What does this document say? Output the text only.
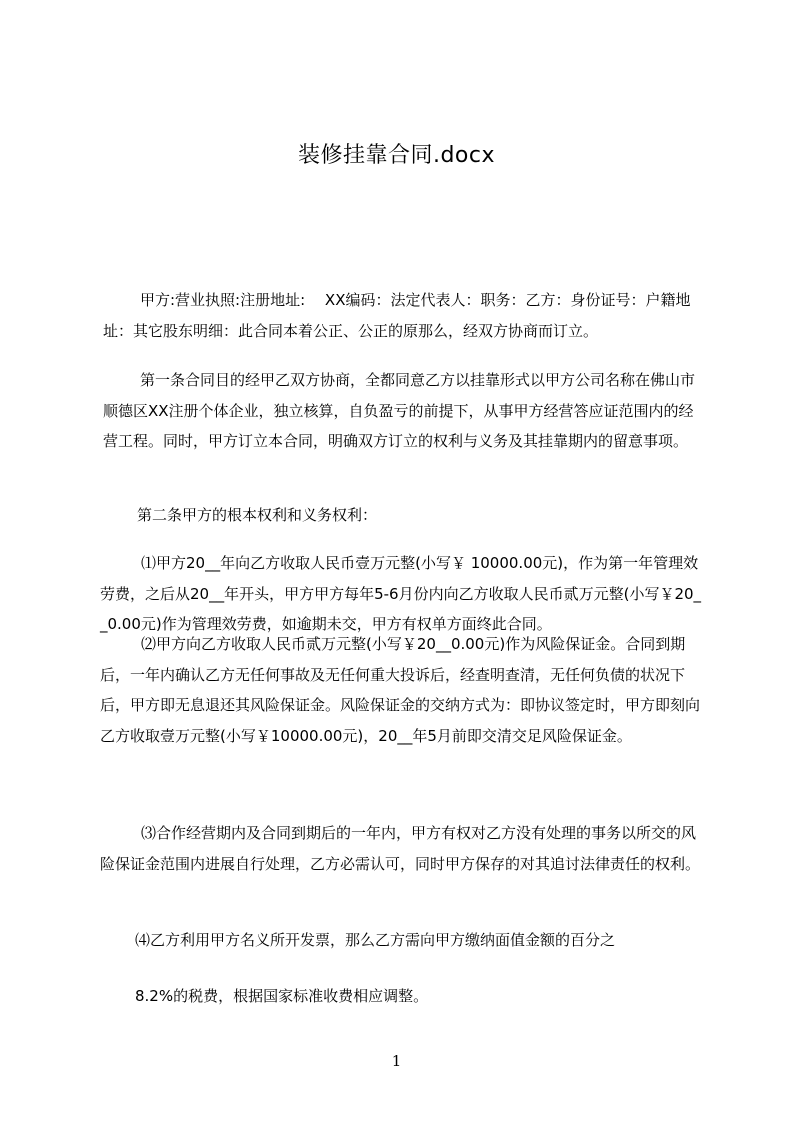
装修挂靠合同.docx

甲方:营业执照:注册地址:　 XX编码：法定代表人：职务：乙方：身份证号：户籍地址：其它股东明细：此合同本着公正、公正的原那么，经双方协商而订立。

第一条合同目的经甲乙双方协商，全都同意乙方以挂靠形式以甲方公司名称在佛山市顺德区XX注册个体企业，独立核算，自负盈亏的前提下，从事甲方经营答应证范围内的经营工程。同时，甲方订立本合同，明确双方订立的权利与义务及其挂靠期内的留意事项。

第二条甲方的根本权利和义务权利：

⑴甲方20__年向乙方收取人民币壹万元整(小写￥ 10000.00元)，作为第一年管理效劳费，之后从20__年开头，甲方甲方每年5-6月份内向乙方收取人民币贰万元整(小写￥20__0.00元)作为管理效劳费，如逾期未交，甲方有权单方面终此合同。

⑵甲方向乙方收取人民币贰万元整(小写￥20__0.00元)作为风险保证金。合同到期后，一年内确认乙方无任何事故及无任何重大投诉后，经查明查清，无任何负债的状况下后，甲方即无息退还其风险保证金。风险保证金的交纳方式为：即协议签定时，甲方即刻向乙方收取壹万元整(小写￥10000.00元)，20__年5月前即交清交足风险保证金。

⑶合作经营期内及合同到期后的一年内，甲方有权对乙方没有处理的事务以所交的风险保证金范围内进展自行处理，乙方必需认可，同时甲方保存的对其追讨法律责任的权利。

⑷乙方利用甲方名义所开发票，那么乙方需向甲方缴纳面值金额的百分之

8.2%的税费，根据国家标准收费相应调整。

1
